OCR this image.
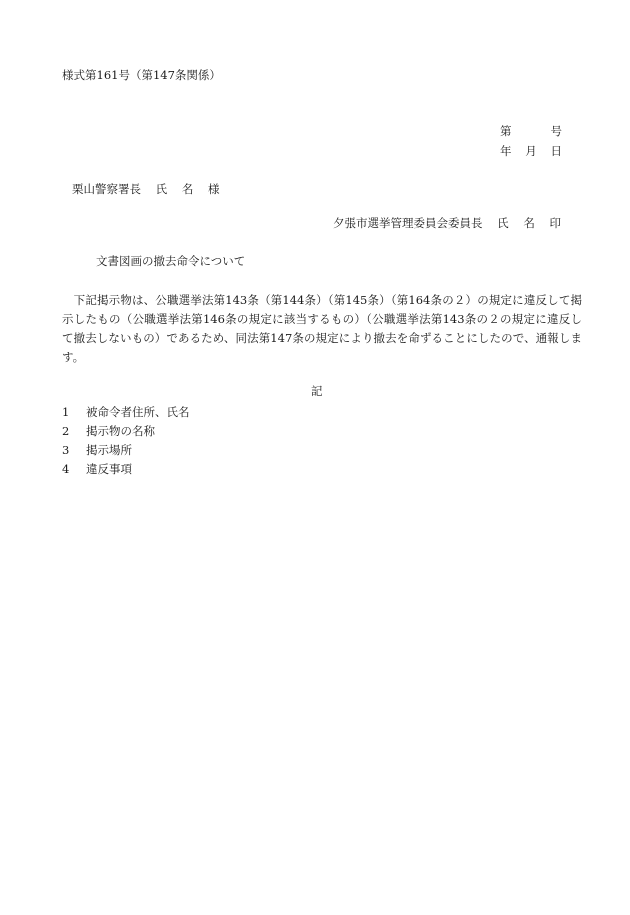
様式第161号（第147条関係）
第	号
年 月 日
栗山警察署長 氏 名 様
夕張市選挙管理委員会委員長 氏 名 印
文書図画の撤去命令について
　下記掲示物は、公職選挙法第143条（第144条）（第145条）（第164条の２）の規定に違反して掲示したもの（公職選挙法第146条の規定に該当するもの）（公職選挙法第143条の２の規定に違反して撤去しないもの）であるため、同法第147条の規定により撤去を命ずることにしたので、通報します。
記
1	被命令者住所、氏名
2	掲示物の名称
3	掲示場所
4	違反事項
